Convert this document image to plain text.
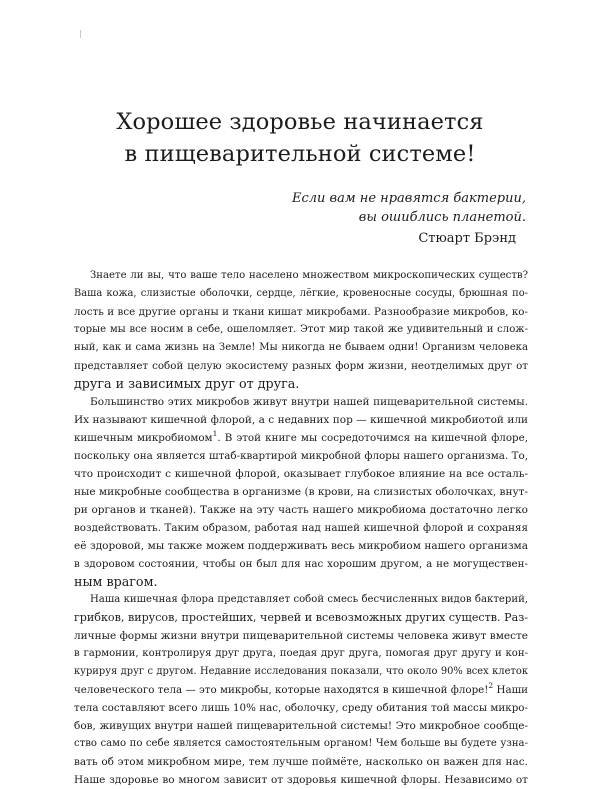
Хорошее здоровье начинается
в пищеварительной системе!
Если вам не нравятся бактерии,
вы ошиблись планетой.
Стюарт Брэнд
Знаете ли вы, что ваше тело населено множеством микроскопических существ?
Ваша кожа, слизистые оболочки, сердце, лёгкие, кровеносные сосуды, брюшная по-
лость и все другие органы и ткани кишат микробами. Разнообразие микробов, ко-
торые мы все носим в себе, ошеломляет. Этот мир такой же удивительный и слож-
ный, как и сама жизнь на Земле! Мы никогда не бываем одни! Организм человека
представляет собой целую экосистему разных форм жизни, неотделимых друг от
друга и зависимых друг от друга.
Большинство этих микробов живут внутри нашей пищеварительной системы.
Их называют кишечной флорой, а с недавних пор — кишечной микробиотой или
кишечным микробиомом$^1$. В этой книге мы сосредоточимся на кишечной флоре,
поскольку она является штаб-квартирой микробной флоры нашего организма. То,
что происходит с кишечной флорой, оказывает глубокое влияние на все осталь-
ные микробные сообщества в организме (в крови, на слизистых оболочках, внут-
ри органов и тканей). Также на эту часть нашего микробиома достаточно легко
воздействовать. Таким образом, работая над нашей кишечной флорой и сохраняя
её здоровой, мы также можем поддерживать весь микробиом нашего организма
в здоровом состоянии, чтобы он был для нас хорошим другом, а не могуществен-
ным врагом.
Наша кишечная флора представляет собой смесь бесчисленных видов бактерий,
грибков, вирусов, простейших, червей и всевозможных других существ. Раз-
личные формы жизни внутри пищеварительной системы человека живут вместе
в гармонии, контролируя друг друга, поедая друг друга, помогая друг другу и кон-
курируя друг с другом. Недавние исследования показали, что около 90% всех клеток
человеческого тела — это микробы, которые находятся в кишечной флоре!$^2$ Наши
тела составляют всего лишь 10% нас, оболочку, среду обитания той массы микро-
бов, живущих внутри нашей пищеварительной системы! Это микробное сообще-
ство само по себе является самостоятельным органом! Чем больше вы будете узна-
вать об этом микробном мире, тем лучше поймёте, насколько он важен для нас.
Наше здоровье во многом зависит от здоровья кишечной флоры. Независимо от
